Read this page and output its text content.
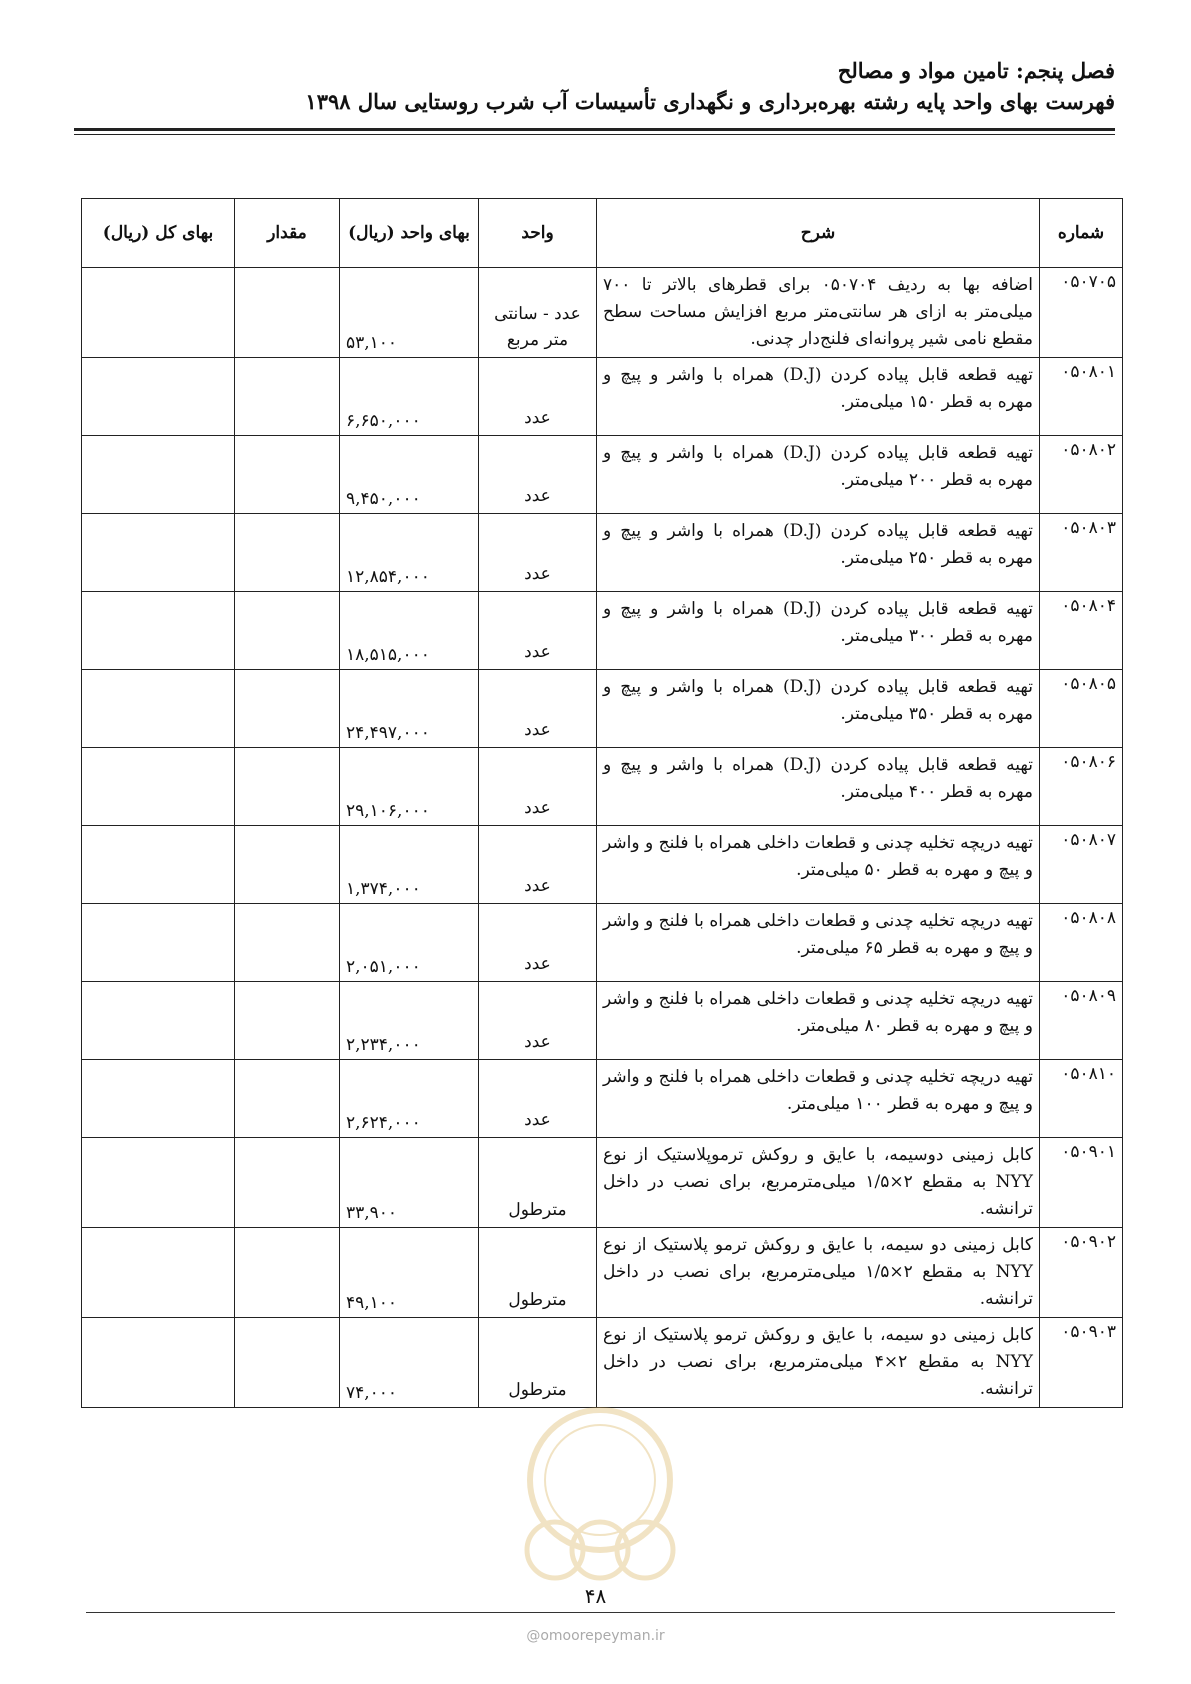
فصل پنجم: تامین مواد و مصالح

فهرست بهای واحد پایه رشته بهره‌برداری و نگهداری تأسیسات آب شرب روستایی سال ۱۳۹۸

شماره	شرح	واحد	بهای واحد (ریال)	مقدار	بهای کل (ریال)
۰۵۰۷۰۵	اضافه بها به ردیف ۰۵۰۷۰۴ برای قطرهای بالاتر تا ۷۰۰ میلی‌متر به ازای هر سانتی‌متر مربع افزایش مساحت سطح مقطع نامی شیر پروانه‌ای فلنج‌دار چدنی.	عدد - سانتی متر مربع	۵۳,۱۰۰		
۰۵۰۸۰۱	تهیه قطعه قابل پیاده کردن (D.J) همراه با واشر و پیچ و مهره به قطر ۱۵۰ میلی‌متر.	عدد	۶,۶۵۰,۰۰۰		
۰۵۰۸۰۲	تهیه قطعه قابل پیاده کردن (D.J) همراه با واشر و پیچ و مهره به قطر ۲۰۰ میلی‌متر.	عدد	۹,۴۵۰,۰۰۰		
۰۵۰۸۰۳	تهیه قطعه قابل پیاده کردن (D.J) همراه با واشر و پیچ و مهره به قطر ۲۵۰ میلی‌متر.	عدد	۱۲,۸۵۴,۰۰۰		
۰۵۰۸۰۴	تهیه قطعه قابل پیاده کردن (D.J) همراه با واشر و پیچ و مهره به قطر ۳۰۰ میلی‌متر.	عدد	۱۸,۵۱۵,۰۰۰		
۰۵۰۸۰۵	تهیه قطعه قابل پیاده کردن (D.J) همراه با واشر و پیچ و مهره به قطر ۳۵۰ میلی‌متر.	عدد	۲۴,۴۹۷,۰۰۰		
۰۵۰۸۰۶	تهیه قطعه قابل پیاده کردن (D.J) همراه با واشر و پیچ و مهره به قطر ۴۰۰ میلی‌متر.	عدد	۲۹,۱۰۶,۰۰۰		
۰۵۰۸۰۷	تهیه دریچه تخلیه چدنی و قطعات داخلی همراه با فلنج و واشر و پیچ و مهره به قطر ۵۰ میلی‌متر.	عدد	۱,۳۷۴,۰۰۰		
۰۵۰۸۰۸	تهیه دریچه تخلیه چدنی و قطعات داخلی همراه با فلنج و واشر و پیچ و مهره به قطر ۶۵ میلی‌متر.	عدد	۲,۰۵۱,۰۰۰		
۰۵۰۸۰۹	تهیه دریچه تخلیه چدنی و قطعات داخلی همراه با فلنج و واشر و پیچ و مهره به قطر ۸۰ میلی‌متر.	عدد	۲,۲۳۴,۰۰۰		
۰۵۰۸۱۰	تهیه دریچه تخلیه چدنی و قطعات داخلی همراه با فلنج و واشر و پیچ و مهره به قطر ۱۰۰ میلی‌متر.	عدد	۲,۶۲۴,۰۰۰		
۰۵۰۹۰۱	کابل زمینی دوسیمه، با عایق و روکش ترموپلاستیک از نوع NYY به مقطع ۲×۱/۵ میلی‌مترمربع، برای نصب در داخل ترانشه.	مترطول	۳۳,۹۰۰		
۰۵۰۹۰۲	کابل زمینی دو سیمه، با عایق و روکش ترمو پلاستیک از نوع NYY به مقطع ۲×۱/۵ میلی‌مترمربع، برای نصب در داخل ترانشه.	مترطول	۴۹,۱۰۰		
۰۵۰۹۰۳	کابل زمینی دو سیمه، با عایق و روکش ترمو پلاستیک از نوع NYY به مقطع ۲×۴ میلی‌مترمربع، برای نصب در داخل ترانشه.	مترطول	۷۴,۰۰۰		
۴۸
@omoorepeyman.ir
